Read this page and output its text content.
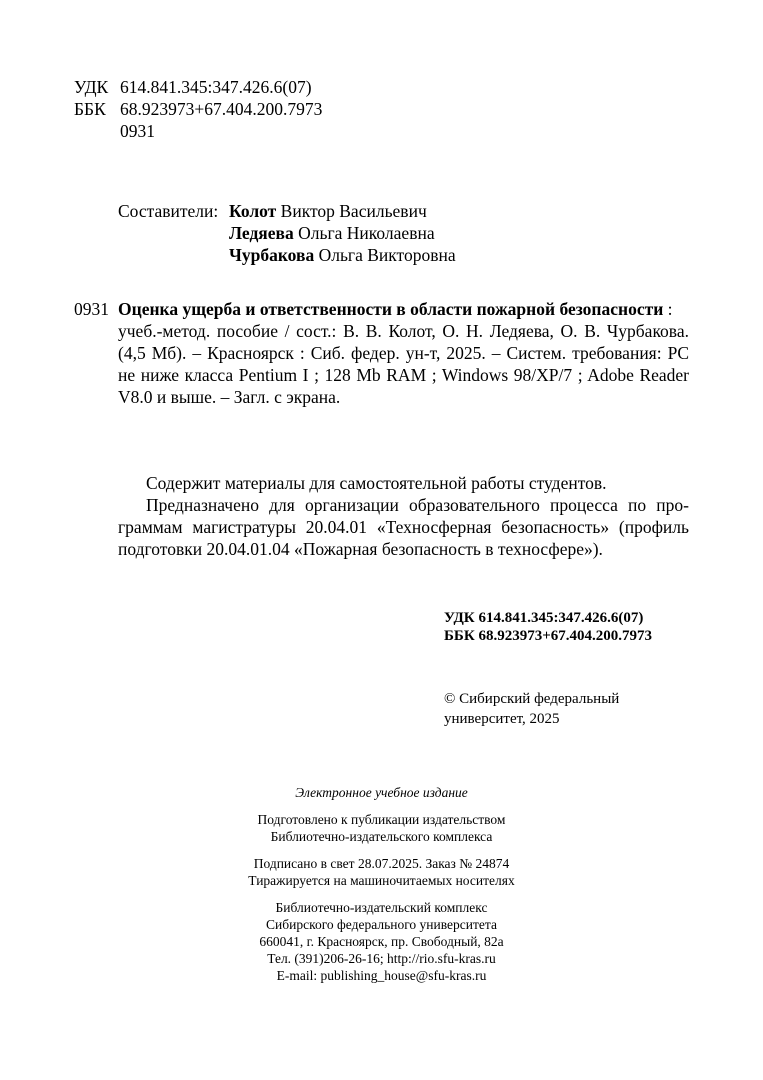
УДК 614.841.345:347.426.6(07)
ББК 68.923973+67.404.200.7973
0931
Составители: Колот Виктор Васильевич
Ледяева Ольга Николаевна
Чурбакова Ольга Викторовна
0931 Оценка ущерба и ответственности в области пожарной безопасности :
учеб.-метод. пособие / сост.: В. В. Колот, О. Н. Ледяева, О. В. Чурбакова.
(4,5 Мб). – Красноярск : Сиб. федер. ун-т, 2025. – Систем. требования: PC
не ниже класса Pentium I ; 128 Mb RAM ; Windows 98/XP/7 ; Adobe Reader
V8.0 и выше. – Загл. с экрана.
Содержит материалы для самостоятельной работы студентов.
Предназначено для организации образовательного процесса по про-
граммам магистратуры 20.04.01 «Техносферная безопасность» (профиль
подготовки 20.04.01.04 «Пожарная безопасность в техносфере»).
УДК 614.841.345:347.426.6(07)
ББК 68.923973+67.404.200.7973
© Сибирский федеральный
университет, 2025
Электронное учебное издание
Подготовлено к публикации издательством
Библиотечно-издательского комплекса
Подписано в свет 28.07.2025. Заказ № 24874
Тиражируется на машиночитаемых носителях
Библиотечно-издательский комплекс
Сибирского федерального университета
660041, г. Красноярск, пр. Свободный, 82а
Тел. (391)206-26-16; http://rio.sfu-kras.ru
E-mail: publishing_house@sfu-kras.ru
